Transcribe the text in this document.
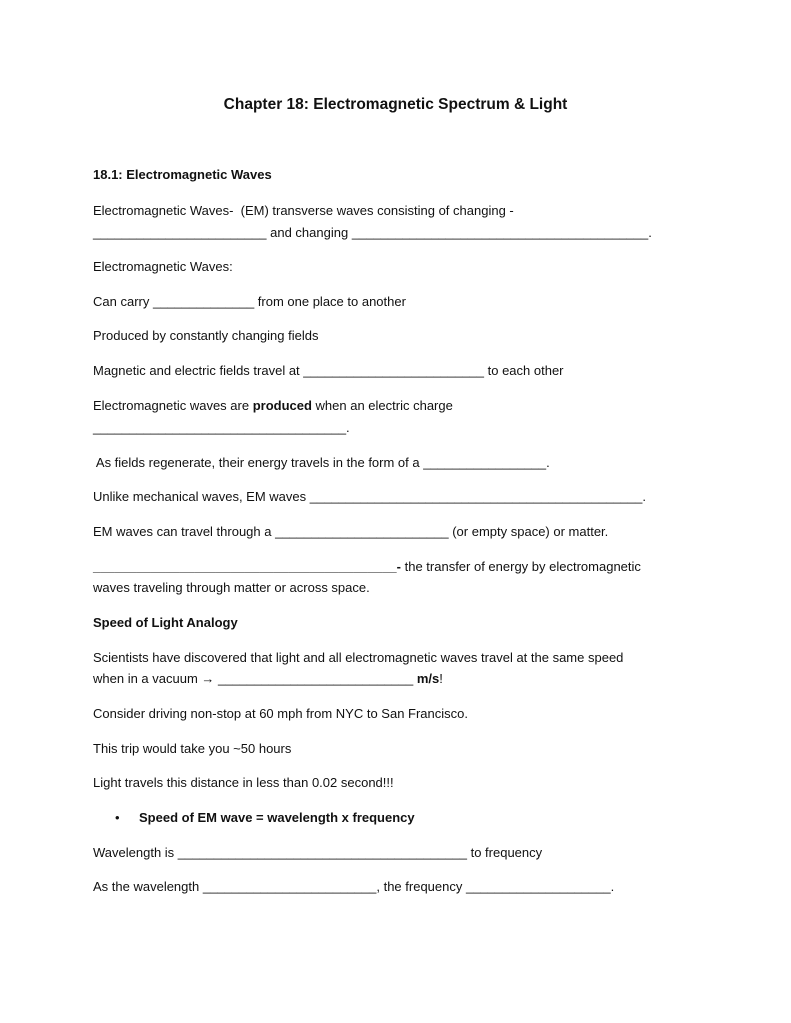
Chapter 18: Electromagnetic Spectrum & Light

18.1: Electromagnetic Waves

Electromagnetic Waves-  (EM) transverse waves consisting of changing -

________________________ and changing _________________________________________.

Electromagnetic Waves:

Can carry ______________ from one place to another

Produced by constantly changing fields

Magnetic and electric fields travel at _________________________ to each other

Electromagnetic waves are produced when an electric charge

___________________________________.

As fields regenerate, their energy travels in the form of a _________________.

Unlike mechanical waves, EM waves ______________________________________________.

EM waves can travel through a ________________________ (or empty space) or matter.

__________________________________________- the transfer of energy by electromagnetic

waves traveling through matter or across space.

Speed of Light Analogy

Scientists have discovered that light and all electromagnetic waves travel at the same speed

when in a vacuum → ___________________________ m/s!

Consider driving non-stop at 60 mph from NYC to San Francisco.

This trip would take you ~50 hours

Light travels this distance in less than 0.02 second!!!

• Speed of EM wave = wavelength x frequency

Wavelength is ________________________________________ to frequency

As the wavelength ________________________, the frequency ____________________.
